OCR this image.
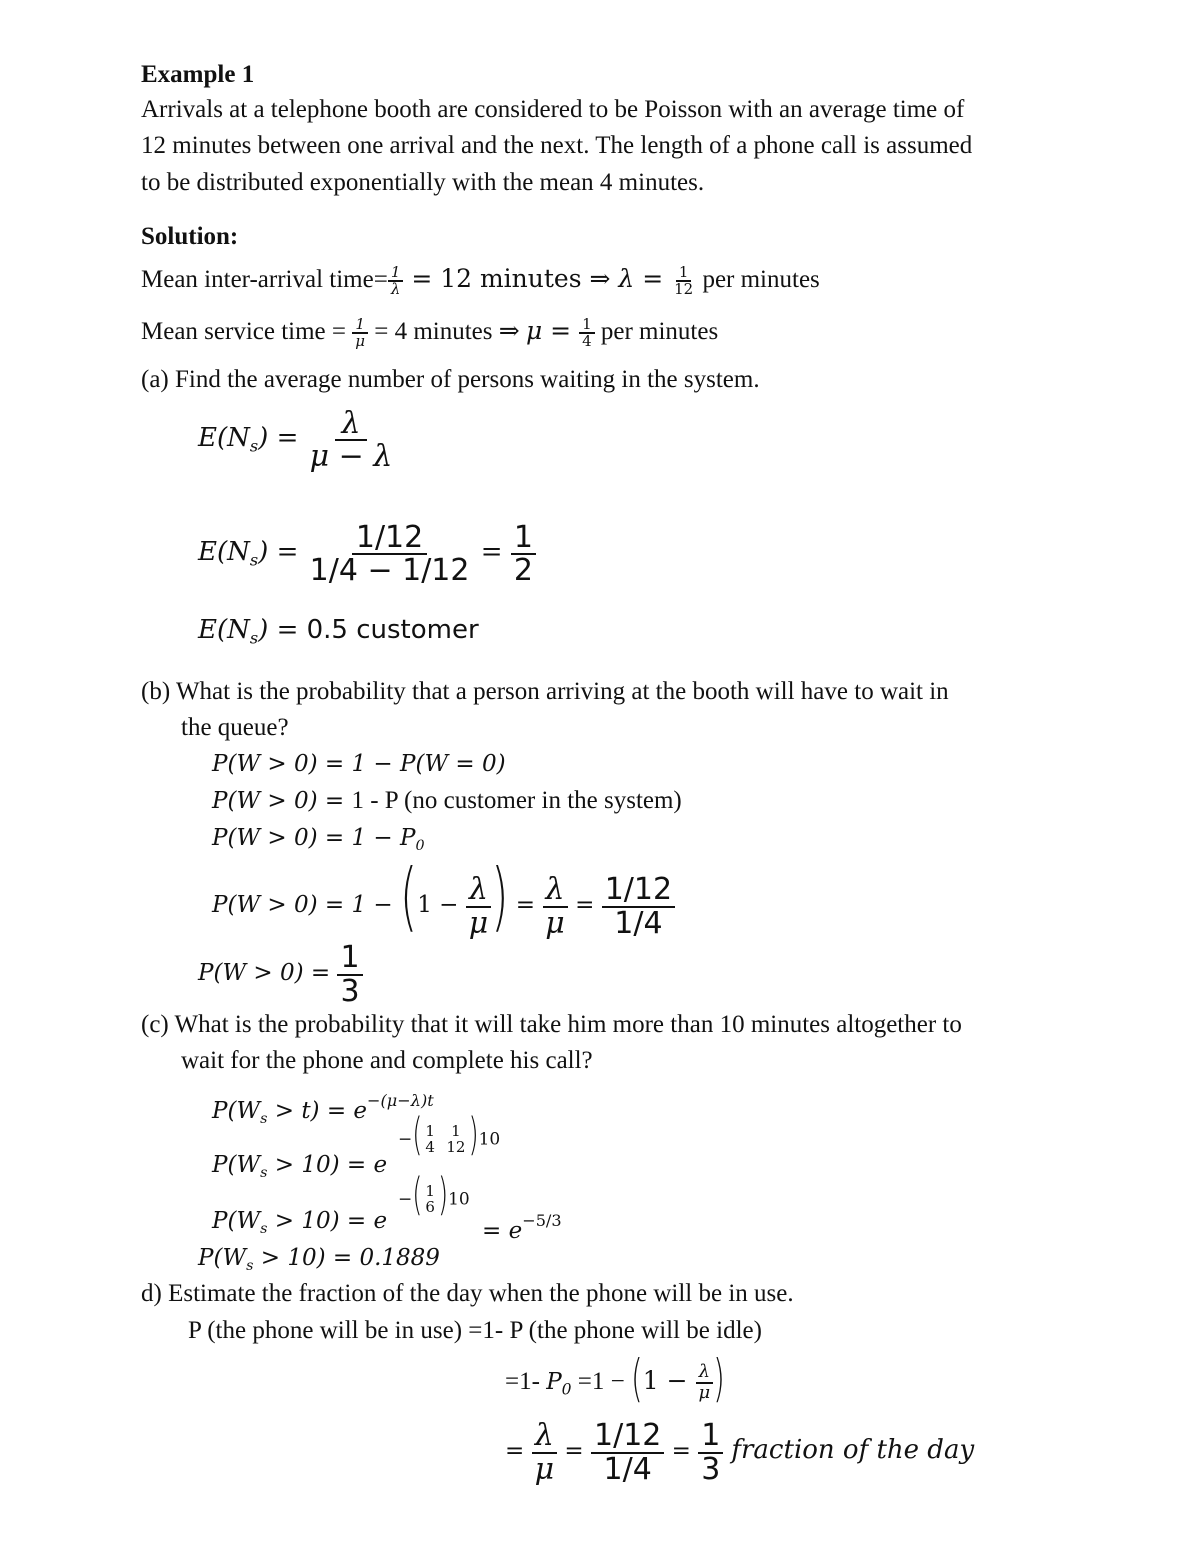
Example 1
Arrivals at a telephone booth are considered to be Poisson with an average time of
12 minutes between one arrival and the next. The length of a phone call is assumed
to be distributed exponentially with the mean 4 minutes.
Solution:
Mean inter-arrival time= $\frac{1}{\lambda} = 12$ minutes ⇒ $\lambda = \frac{1}{12}$ per minutes
Mean service time = $\frac{1}{\mu} = 4$ minutes ⇒ $\mu = \frac{1}{4}$ per minutes
(a) Find the average number of persons waiting in the system.
$E(N_s) = \frac{\lambda}{\mu - \lambda}$
$E(N_s) = \frac{1/12}{1/4 - 1/12} = \frac{1}{2}$
$E(N_s) = 0.5$ customer
(b) What is the probability that a person arriving at the booth will have to wait in
the queue?
P(W > 0) = 1 − P(W = 0)
P(W > 0) = 1 - P (no customer in the system)
$P(W > 0) = 1 - P_0$
$P(W > 0) = 1 - (1 - \frac{\lambda}{\mu}$ ) = $\frac{\lambda}{\mu} = \frac{1/12}{1/4}$
$P(W > 0) = \frac{1}{3}$
(c) What is the probability that it will take him more than 10 minutes altogether to
wait for the phone and complete his call?
$P(W_s > t) = e^{-(\mu-\lambda)t}$
$P(W_s > 10) = e$
−( 1
4

1
12 )10
$P(W_s > 10) = e$
−( 1
6 )10
= $e^{-5/3}$
$P(W_s > 10) = 0.1889$
d) Estimate the fraction of the day when the phone will be in use.
P (the phone will be in use) =1- P (the phone will be idle)
=1- $P_0 =1 - (1 - \frac{\lambda}{\mu}$ )
= $\frac{\lambda}{\mu} = \frac{1/12}{1/4} = \frac{1}{3}$ fraction of the day
